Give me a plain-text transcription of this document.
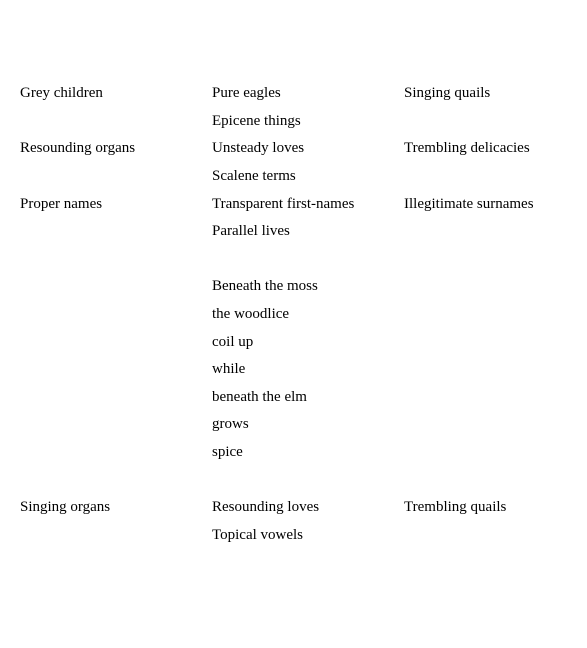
Grey children	Pure eagles	Singing quails
Epicene things
Resounding organs	Unsteady loves	Trembling delicacies
Scalene terms
Proper names	Transparent first-names	Illegitimate surnames
Parallel lives
Beneath the moss
the woodlice
coil up
while
beneath the elm
grows
spice
Singing organs	Resounding loves	Trembling quails
Topical vowels
